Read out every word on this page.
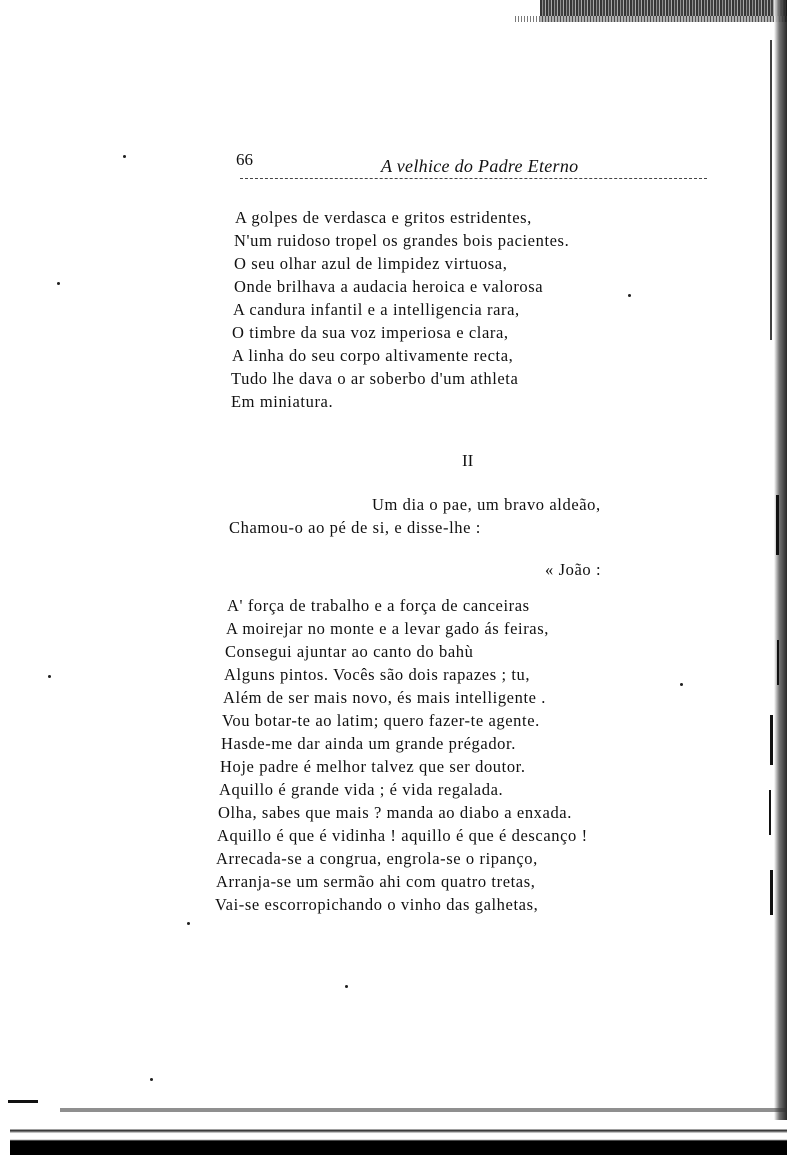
66	A velhice do Padre Eterno
A golpes de verdasca e gritos estridentes,
N'um ruidoso tropel os grandes bois pacientes.
O seu olhar azul de limpidez virtuosa,
Onde brilhava a audacia heroica e valorosa
A candura infantil e a intelligencia rara,
O timbre da sua voz imperiosa e clara,
A linha do seu corpo altivamente recta,
Tudo lhe dava o ar soberbo d'um athleta
Em miniatura.
II
Um dia o pae, um bravo aldeão,
Chamou-o ao pé de si, e disse-lhe :
« João :
A' força de trabalho e a força de canceiras
A moirejar no monte e a levar gado ás feiras,
Consegui ajuntar ao canto do bahù
Alguns pintos. Vocês são dois rapazes ; tu,
Além de ser mais novo, és mais intelligente .
Vou botar-te ao latim; quero fazer-te agente.
Hasde-me dar ainda um grande prégador.
Hoje padre é melhor talvez que ser doutor.
Aquillo é grande vida ; é vida regalada.
Olha, sabes que mais ? manda ao diabo a enxada.
Aquillo é que é vidinha ! aquillo é que é descanço !
Arrecada-se a congrua, engrola-se o ripanço,
Arranja-se um sermão ahi com quatro tretas,
Vai-se escorropichando o vinho das galhetas,
